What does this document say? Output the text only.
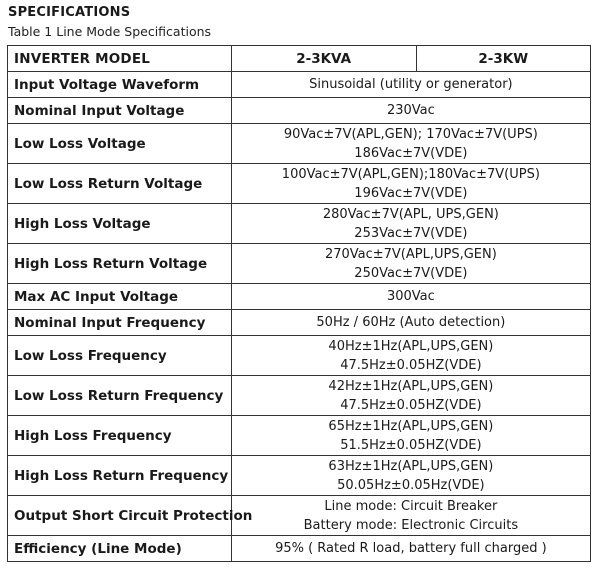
SPECIFICATIONS
Table 1 Line Mode Specifications
INVERTER MODEL	2-3KVA	2-3KW
Input Voltage Waveform	Sinusoidal (utility or generator)	

Nominal Input Voltage	230Vac	

Low Loss Voltage	90Vac±7V(APL,GEN); 170Vac±7V(UPS)
186Vac±7V(VDE)	

Low Loss Return Voltage	100Vac±7V(APL,GEN);180Vac±7V(UPS)
196Vac±7V(VDE)	

High Loss Voltage	280Vac±7V(APL, UPS,GEN)
253Vac±7V(VDE)	

High Loss Return Voltage	270Vac±7V(APL,UPS,GEN)
250Vac±7V(VDE)	

Max AC Input Voltage	300Vac	

Nominal Input Frequency	50Hz / 60Hz (Auto detection)	

Low Loss Frequency	40Hz±1Hz(APL,UPS,GEN)
47.5Hz±0.05HZ(VDE)	

Low Loss Return Frequency	42Hz±1Hz(APL,UPS,GEN)
47.5Hz±0.05HZ(VDE)	

High Loss Frequency	65Hz±1Hz(APL,UPS,GEN)
51.5Hz±0.05HZ(VDE)	

High Loss Return Frequency	63Hz±1Hz(APL,UPS,GEN)
50.05Hz±0.05Hz(VDE)	

Output Short Circuit Protection	Line mode: Circuit Breaker
Battery mode: Electronic Circuits	

Efficiency (Line Mode)	95% ( Rated R load, battery full charged )	
